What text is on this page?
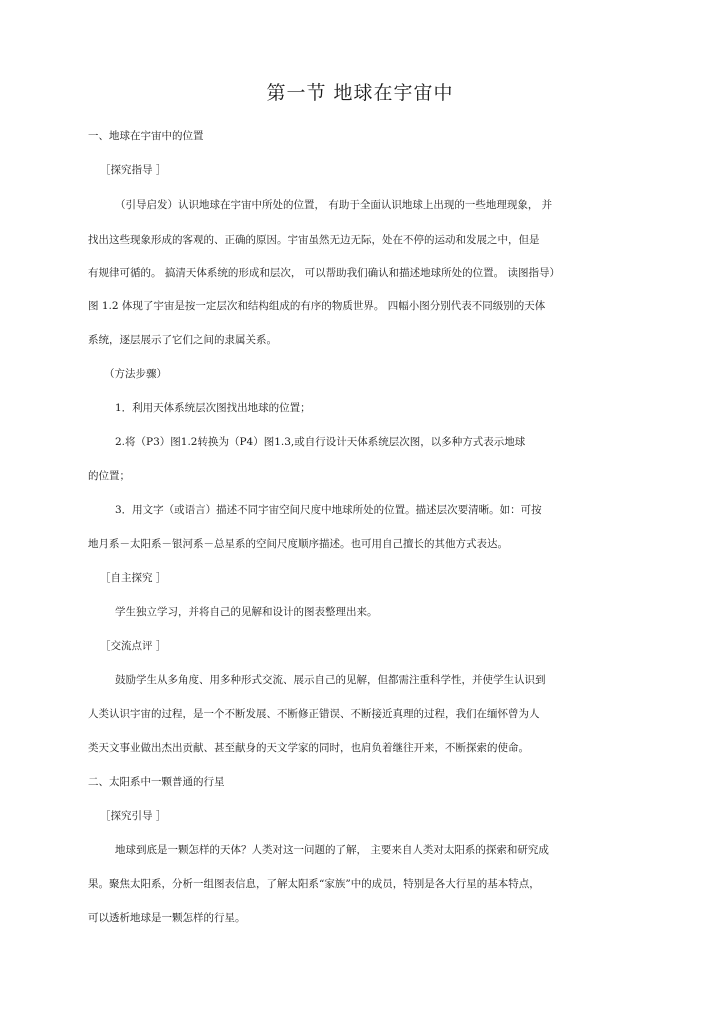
第一节 地球在宇宙中
一、地球在宇宙中的位置
［探究指导 ］
（引导启发）认识地球在宇宙中所处的位置， 有助于全面认识地球上出现的一些地理现象， 并
找出这些现象形成的客观的、正确的原因。宇宙虽然无边无际，处在不停的运动和发展之中，但是
有规律可循的。 搞清天体系统的形成和层次， 可以帮助我们确认和描述地球所处的位置。 读图指导）
图 1.2 体现了宇宙是按一定层次和结构组成的有序的物质世界。 四幅小图分别代表不同级别的天体
系统，逐层展示了它们之间的隶属关系。
（方法步骤）
1．利用天体系统层次图找出地球的位置；
2.将（P3）图1.2转换为（P4）图1.3,或自行设计天体系统层次图，以多种方式表示地球
的位置；
3．用文字（或语言）描述不同宇宙空间尺度中地球所处的位置。描述层次要清晰。如：可按
地月系－太阳系－银河系－总星系的空间尺度顺序描述。也可用自己擅长的其他方式表达。
［自主探究 ］
学生独立学习，并将自己的见解和设计的图表整理出来。
［交流点评 ］
鼓励学生从多角度、用多种形式交流、展示自己的见解，但都需注重科学性，并使学生认识到
人类认识宇宙的过程，是一个不断发展、不断修正错误、不断接近真理的过程，我们在缅怀曾为人
类天文事业做出杰出贡献、甚至献身的天文学家的同时，也肩负着继往开来，不断探索的使命。
二、太阳系中一颗普通的行星
［探究引导 ］
地球到底是一颗怎样的天体？人类对这一问题的了解， 主要来自人类对太阳系的探索和研究成
果。聚焦太阳系，分析一组图表信息，了解太阳系“家族”中的成员，特别是各大行星的基本特点，
可以透析地球是一颗怎样的行星。
